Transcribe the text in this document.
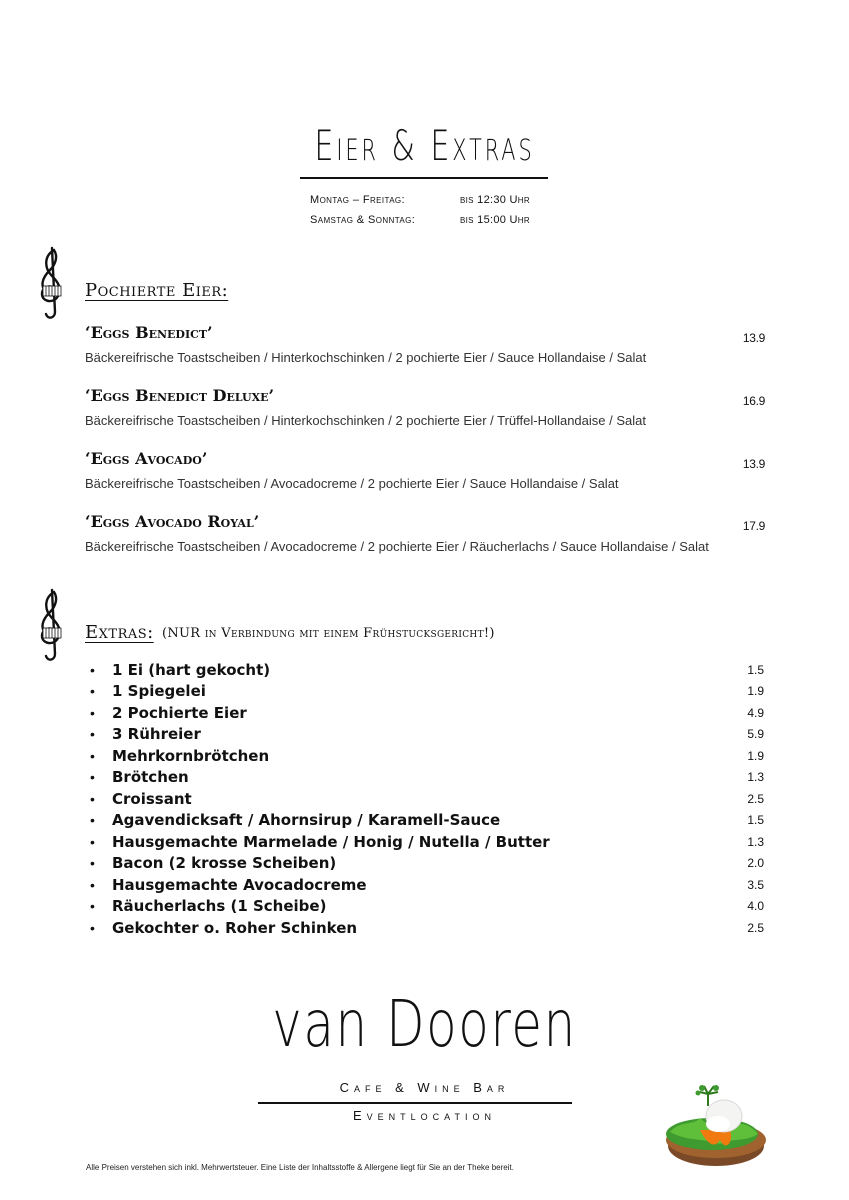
Eier & Extras
Montag – Freitag:	bis 12:30 Uhr
Samstag & Sonntag:	bis 15:00 Uhr
Pochierte Eier:
‘Eggs Benedict’	13.9
Bäckereifrische Toastscheiben / Hinterkochschinken / 2 pochierte Eier / Sauce Hollandaise / Salat
‘Eggs Benedict Deluxe’	16.9
Bäckereifrische Toastscheiben / Hinterkochschinken / 2 pochierte Eier / Trüffel-Hollandaise / Salat
‘Eggs Avocado’	13.9
Bäckereifrische Toastscheiben / Avocadocreme / 2 pochierte Eier / Sauce Hollandaise / Salat
‘Eggs Avocado Royal’	17.9
Bäckereifrische Toastscheiben / Avocadocreme / 2 pochierte Eier / Räucherlachs / Sauce Hollandaise / Salat
Extras: (NUR in Verbindung mit einem Frühstucksgericht!)
•	1 Ei (hart gekocht)	1.5
•	1 Spiegelei	1.9
•	2 Pochierte Eier	4.9
•	3 Rühreier	5.9
•	Mehrkornbrötchen	1.9
•	Brötchen	1.3
•	Croissant	2.5
•	Agavendicksaft / Ahornsirup / Karamell-Sauce	1.5
•	Hausgemachte Marmelade / Honig / Nutella / Butter	1.3
•	Bacon (2 krosse Scheiben)	2.0
•	Hausgemachte Avocadocreme	3.5
•	Räucherlachs (1 Scheibe)	4.0
•	Gekochter o. Roher Schinken	2.5
van Dooren
Cafe & Wine Bar
Eventlocation
Alle Preisen verstehen sich inkl. Mehrwertsteuer. Eine Liste der Inhaltsstoffe & Allergene liegt für Sie an der Theke bereit.
